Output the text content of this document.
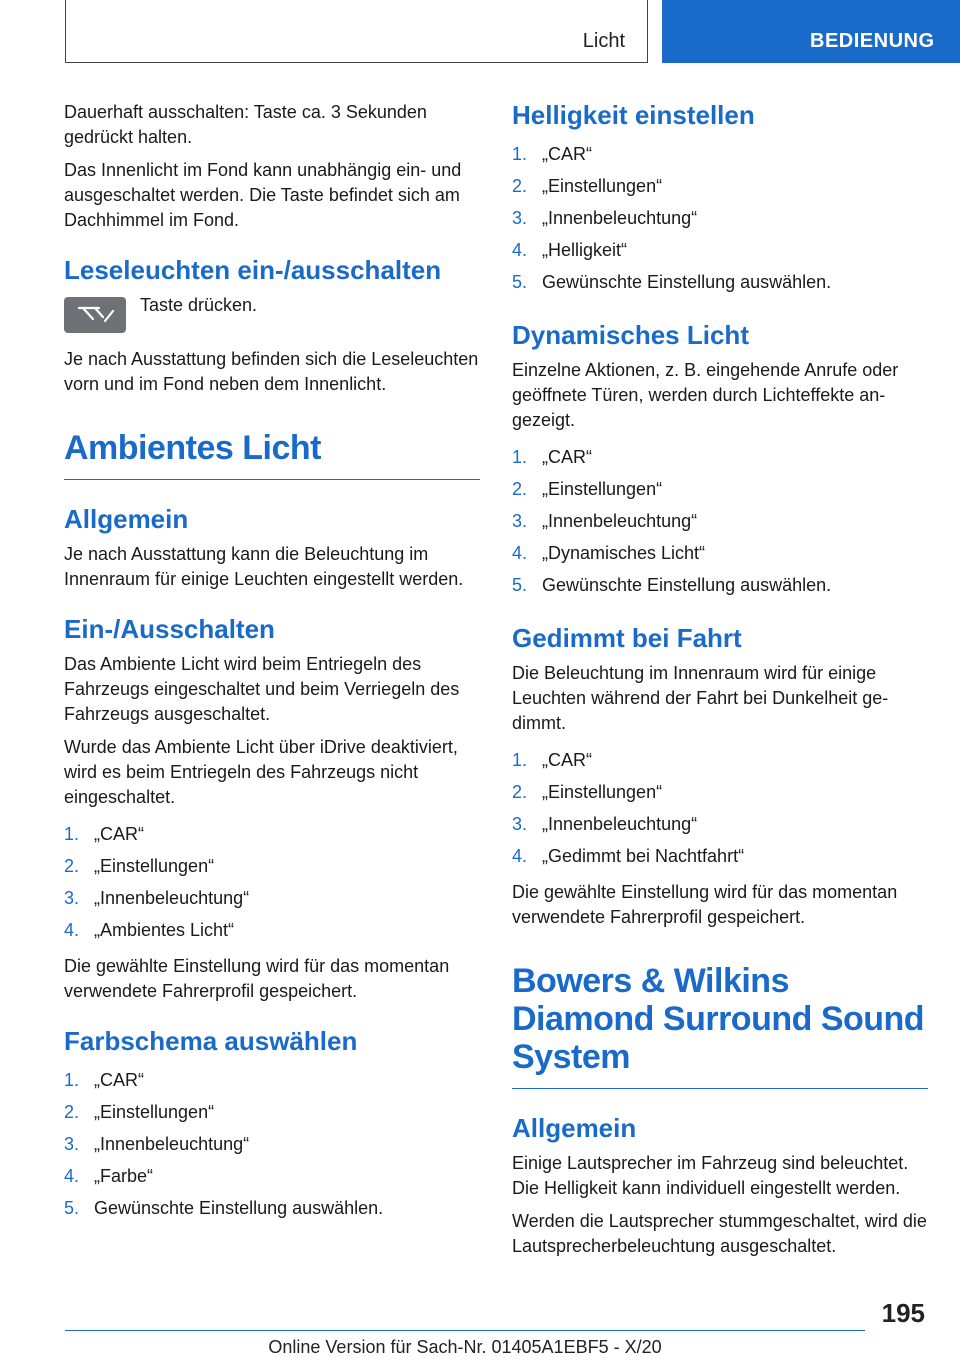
Licht	BEDIENUNG

Dauerhaft ausschalten: Taste ca. 3 Sekunden gedrückt halten.

Das Innenlicht im Fond kann unabhängig ein- und ausgeschaltet werden. Die Taste befindet sich am Dachhimmel im Fond.

Leseleuchten ein-/ausschalten

Taste drücken.

Je nach Ausstattung befinden sich die Leseleuchten vorn und im Fond neben dem Innenlicht.

Ambientes Licht
Allgemein

Je nach Ausstattung kann die Beleuchtung im Innenraum für einige Leuchten eingestellt werden.

Ein-/Ausschalten

Das Ambiente Licht wird beim Entriegeln des Fahrzeugs eingeschaltet und beim Verriegeln des Fahrzeugs ausgeschaltet.

Wurde das Ambiente Licht über iDrive deaktiviert, wird es beim Entriegeln des Fahrzeugs nicht eingeschaltet.

1. „CAR“
2. „Einstellungen“
3. „Innenbeleuchtung“
4. „Ambientes Licht“

Die gewählte Einstellung wird für das momentan verwendete Fahrerprofil gespeichert.

Farbschema auswählen
1. „CAR“
2. „Einstellungen“
3. „Innenbeleuchtung“
4. „Farbe“
5. Gewünschte Einstellung auswählen.
Helligkeit einstellen
1. „CAR“
2. „Einstellungen“
3. „Innenbeleuchtung“
4. „Helligkeit“
5. Gewünschte Einstellung auswählen.
Dynamisches Licht

Einzelne Aktionen, z. B. eingehende Anrufe oder geöffnete Türen, werden durch Lichteffekte angezeigt.

1. „CAR“
2. „Einstellungen“
3. „Innenbeleuchtung“
4. „Dynamisches Licht“
5. Gewünschte Einstellung auswählen.
Gedimmt bei Fahrt

Die Beleuchtung im Innenraum wird für einige Leuchten während der Fahrt bei Dunkelheit gedimmt.

1. „CAR“
2. „Einstellungen“
3. „Innenbeleuchtung“
4. „Gedimmt bei Nachtfahrt“

Die gewählte Einstellung wird für das momentan verwendete Fahrerprofil gespeichert.

Bowers & Wilkins Diamond Surround Sound System
Allgemein

Einige Lautsprecher im Fahrzeug sind beleuchtet. Die Helligkeit kann individuell eingestellt werden.

Werden die Lautsprecher stummgeschaltet, wird die Lautsprecherbeleuchtung ausgeschaltet.

195
Online Version für Sach-Nr. 01405A1EBF5 - X/20
